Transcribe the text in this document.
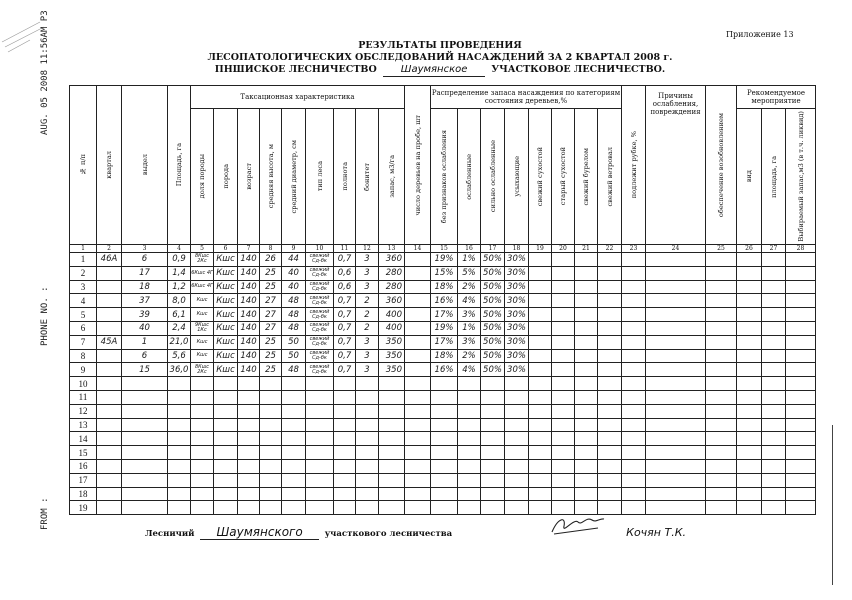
FROM :
PHONE NO. :
AUG. 05 2008 11:56AM P3	Приложение 13
РЕЗУЛЬТАТЫ ПРОВЕДЕНИЯ
ЛЕСОПАТОЛОГИЧЕСКИХ ОБСЛЕДОВАНИЙ НАСАЖДЕНИЙ ЗА 2 КВАРТАЛ 2008 г.
ПНШИСКОЕ ЛЕСНИЧЕСТВО	Шаумянское	УЧАСТКОВОЕ ЛЕСНИЧЕСТВО.
№ п/п	квартал	выдел	Площадь, га	Таксационная характеристика									число деревьев на пробе, шт	Распределение запаса насаждения по категориям состояния деревьев,%								подлежит рубке, %	Причины ослабления, повреждения	обеспечение возобновлением	Рекомендуемое мероприятие		

				доля породы	порода	возраст	средняя высота, м	средний диаметр, см	тип леса	полнота	бонитет	запас, м3/га		без признаков ослабления	ослабленные	сильно ослабленные	усыхающие	свежий сухостой	старый сухостой	свежий бурелом	свежий ветровал				вид	площадь, га	Выбираемый запас,м3 (в т.ч. ликвид)

1	2	3	4	5	6	7	8	9	10	11	12	13	14	15	16	17	18	19	20	21	22	23	24	25	26	27	28
1	46А	6	0,9	8Кшс 2Кс	Кшс	140	26	44	свежий Сд-бк	0,7	3	360		19%	1%	50%	30%										
2		17	1,4	6Кшс 4Г	Кшс	140	25	40	свежий Сд-бк	0,6	3	280		15%	5%	50%	30%										
3		18	1,2	6Кшс 4Г	Кшс	140	25	40	свежий Сд-бк	0,6	3	280		18%	2%	50%	30%										
4		37	8,0	Кшс	Кшс	140	27	48	свежий Сд-бк	0,7	2	360		16%	4%	50%	30%										
5		39	6,1	Кшс	Кшс	140	27	48	свежий Сд-бк	0,7	2	400		17%	3%	50%	30%										
6		40	2,4	9Кшс 1Кс	Кшс	140	27	48	свежий Сд-бк	0,7	2	400		19%	1%	50%	30%										
7	45А	1	21,0	Кшс	Кшс	140	25	50	свежий Сд-бк	0,7	3	350		17%	3%	50%	30%										
8		6	5,6	Кшс	Кшс	140	25	50	свежий Сд-бк	0,7	3	350		18%	2%	50%	30%										
9		15	36,0	8Кшс 2Кс	Кшс	140	25	48	свежий Сд-бк	0,7	3	350		16%	4%	50%	30%										
10																											
11																											
12																											
13																											
14																											
15																											
16																											
17																											
18																											
19																											
Лесничий	Шаумянского	участкового лесничества	Кочян Т.К.
